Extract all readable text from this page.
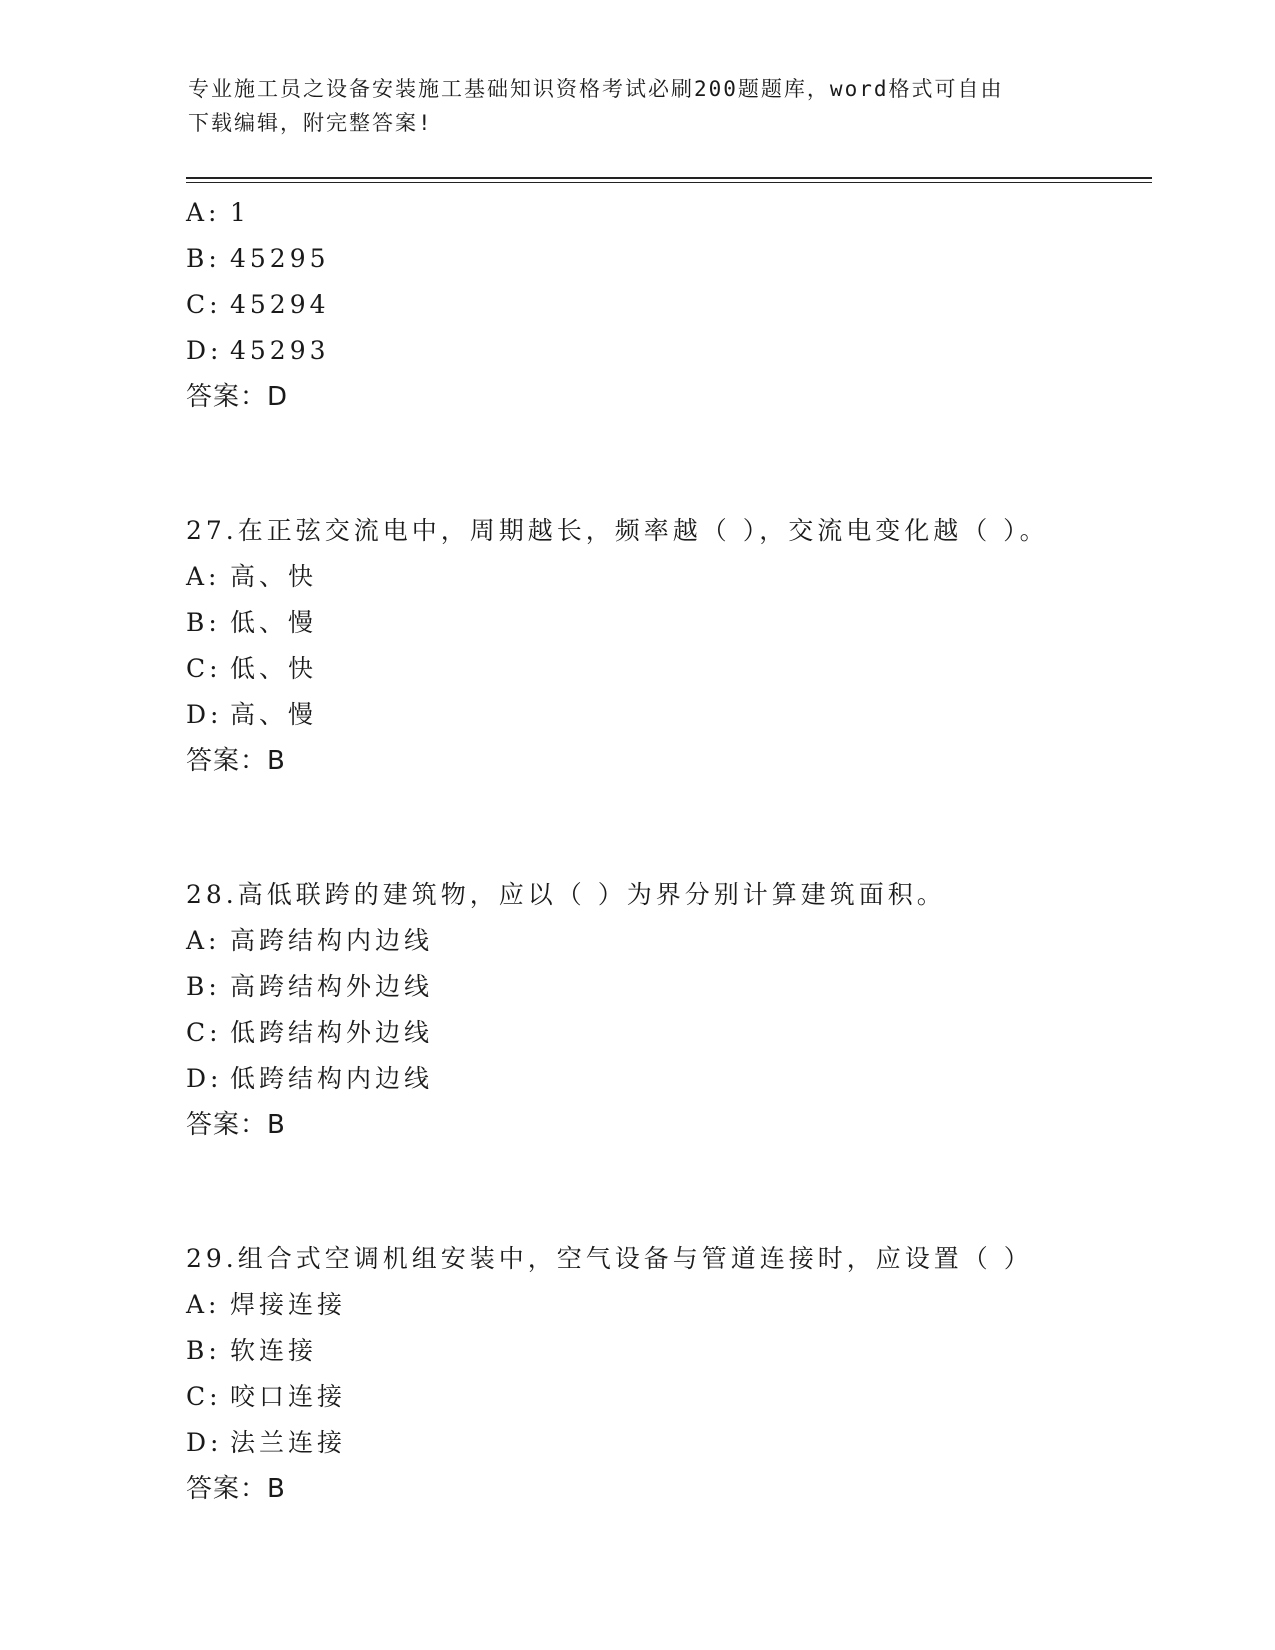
专业施工员之设备安装施工基础知识资格考试必刷200题题库，word格式可自由
下载编辑，附完整答案!
A: 1
B: 45295
C: 45294
D: 45293
答案：D
27.在正弦交流电中，周期越长，频率越（ ），交流电变化越（ ）。
A: 高、快
B: 低、慢
C: 低、快
D: 高、慢
答案：B
28.高低联跨的建筑物，应以（ ）为界分别计算建筑面积。
A: 高跨结构内边线
B: 高跨结构外边线
C: 低跨结构外边线
D: 低跨结构内边线
答案：B
29.组合式空调机组安装中，空气设备与管道连接时，应设置（ ）
A: 焊接连接
B: 软连接
C: 咬口连接
D: 法兰连接
答案：B
